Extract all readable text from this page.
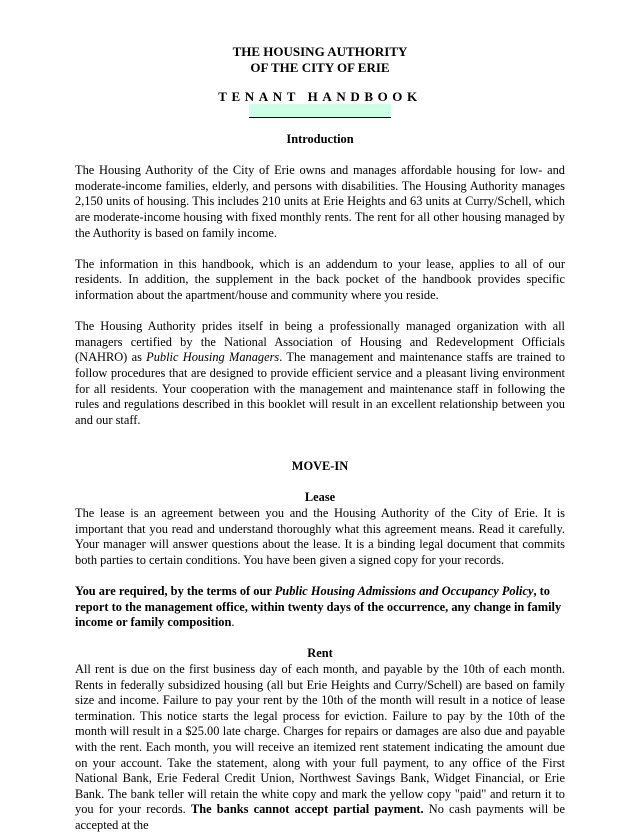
THE HOUSING AUTHORITY
OF THE CITY OF ERIE
TENANT HANDBOOK
Introduction

The Housing Authority of the City of Erie owns and manages affordable housing for low- and moderate-income families, elderly, and persons with disabilities. The Housing Authority manages 2,150 units of housing. This includes 210 units at Erie Heights and 63 units at Curry/Schell, which are moderate-income housing with fixed monthly rents. The rent for all other housing managed by the Authority is based on family income.

The information in this handbook, which is an addendum to your lease, applies to all of our residents. In addition, the supplement in the back pocket of the handbook provides specific information about the apartment/house and community where you reside.

The Housing Authority prides itself in being a professionally managed organization with all managers certified by the National Association of Housing and Redevelopment Officials (NAHRO) as Public Housing Managers. The management and maintenance staffs are trained to follow procedures that are designed to provide efficient service and a pleasant living environment for all residents. Your cooperation with the management and maintenance staff in following the rules and regulations described in this booklet will result in an excellent relationship between you and our staff.

MOVE-IN
Lease

The lease is an agreement between you and the Housing Authority of the City of Erie. It is important that you read and understand thoroughly what this agreement means. Read it carefully. Your manager will answer questions about the lease. It is a binding legal document that commits both parties to certain conditions. You have been given a signed copy for your records.

You are required, by the terms of our Public Housing Admissions and Occupancy Policy, to report to the management office, within twenty days of the occurrence, any change in family income or family composition.

Rent

All rent is due on the first business day of each month, and payable by the 10th of each month. Rents in federally subsidized housing (all but Erie Heights and Curry/Schell) are based on family size and income. Failure to pay your rent by the 10th of the month will result in a notice of lease termination. This notice starts the legal process for eviction. Failure to pay by the 10th of the month will result in a $25.00 late charge. Charges for repairs or damages are also due and payable with the rent. Each month, you will receive an itemized rent statement indicating the amount due on your account. Take the statement, along with your full payment, to any office of the First National Bank, Erie Federal Credit Union, Northwest Savings Bank, Widget Financial, or Erie Bank. The bank teller will retain the white copy and mark the yellow copy "paid" and return it to you for your records. The banks cannot accept partial payment. No cash payments will be accepted at the
